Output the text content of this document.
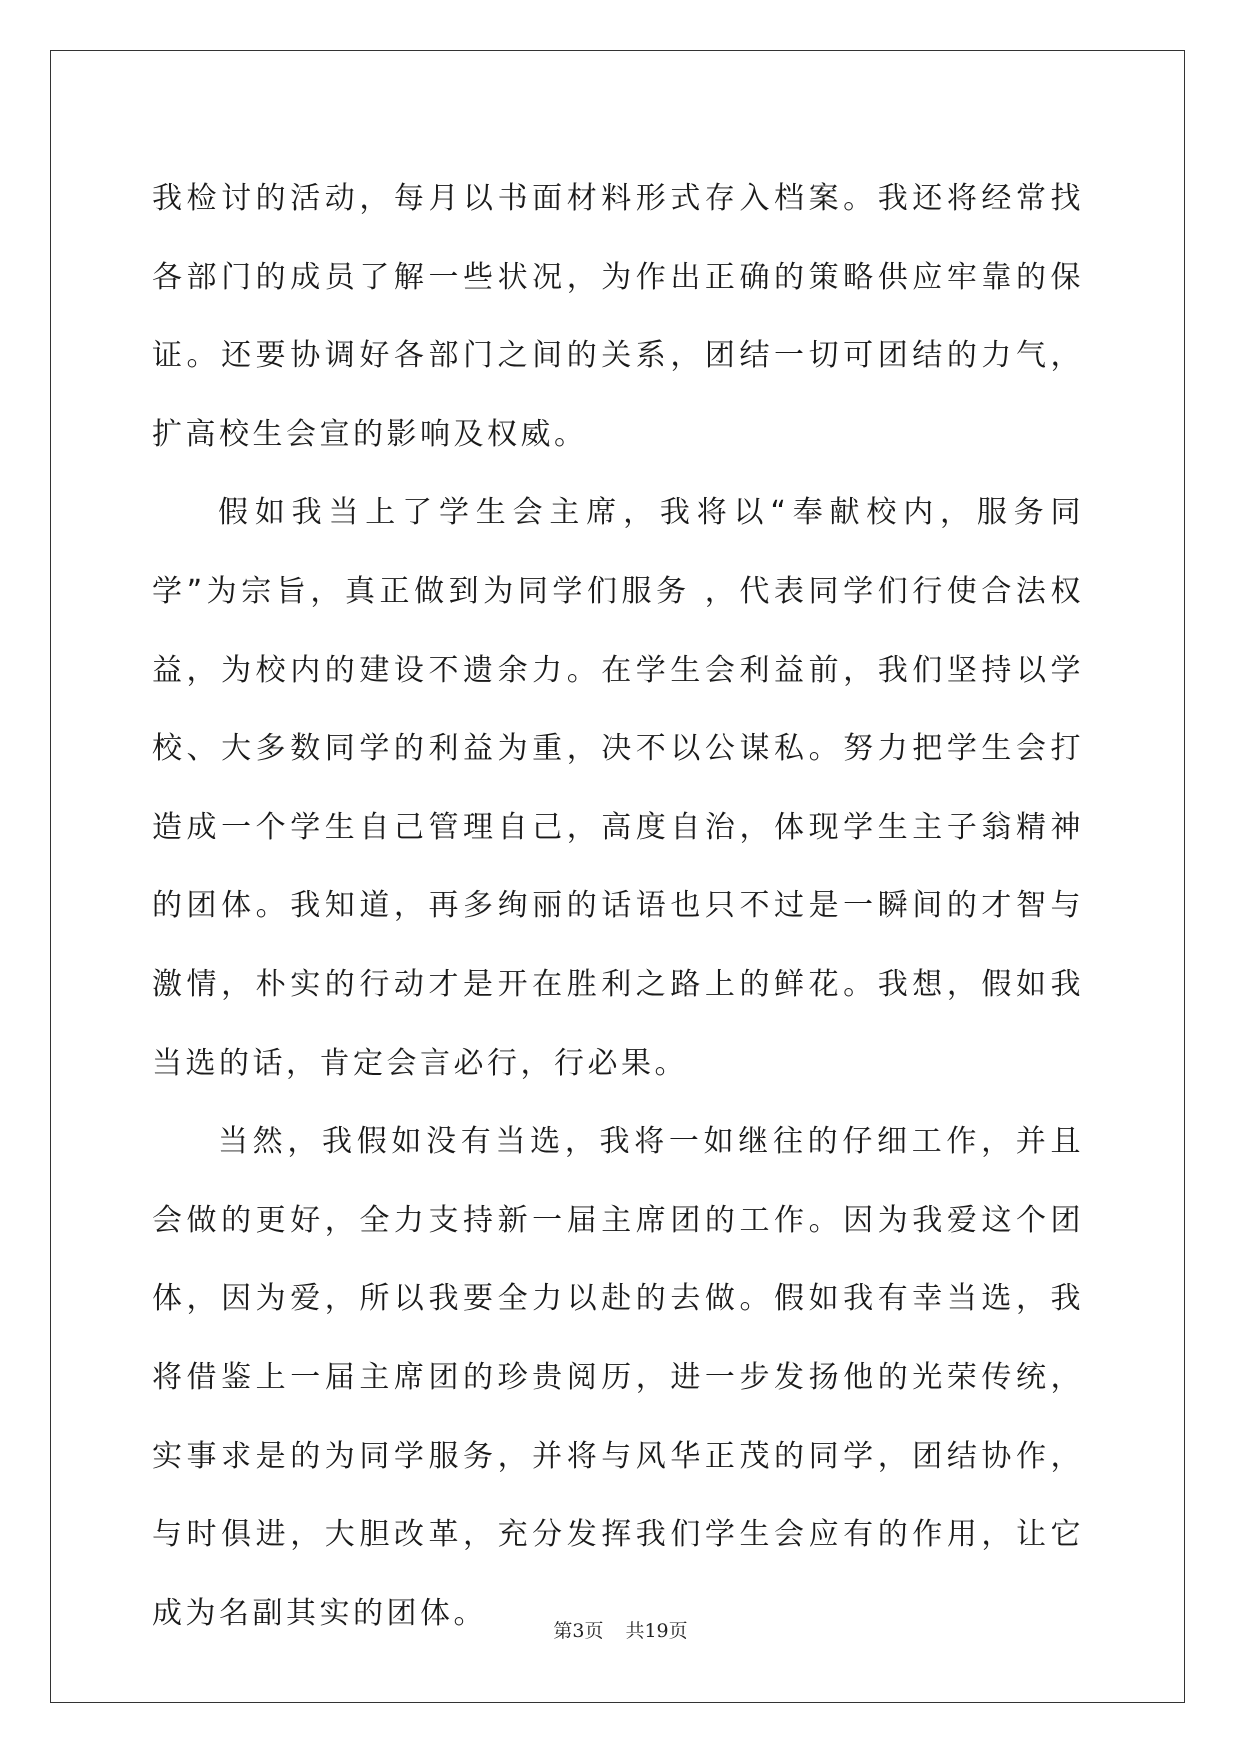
我检讨的活动，每月以书面材料形式存入档案。我还将经常找各部门的成员了解一些状况，为作出正确的策略供应牢靠的保证。还要协调好各部门之间的关系，团结一切可团结的力气，扩高校生会宣的影响及权威。

假如我当上了学生会主席，我将以“奉献校内，服务同学”为宗旨，真正做到为同学们服务 ，代表同学们行使合法权益，为校内的建设不遗余力。在学生会利益前，我们坚持以学校、大多数同学的利益为重，决不以公谋私。努力把学生会打造成一个学生自己管理自己，高度自治，体现学生主子翁精神的团体。我知道，再多绚丽的话语也只不过是一瞬间的才智与激情，朴实的行动才是开在胜利之路上的鲜花。我想，假如我当选的话，肯定会言必行，行必果。

当然，我假如没有当选，我将一如继往的仔细工作，并且会做的更好，全力支持新一届主席团的工作。因为我爱这个团体，因为爱，所以我要全力以赴的去做。假如我有幸当选，我将借鉴上一届主席团的珍贵阅历，进一步发扬他的光荣传统，实事求是的为同学服务，并将与风华正茂的同学，团结协作，与时俱进，大胆改革，充分发挥我们学生会应有的作用，让它成为名副其实的团体。

第3页 共19页
